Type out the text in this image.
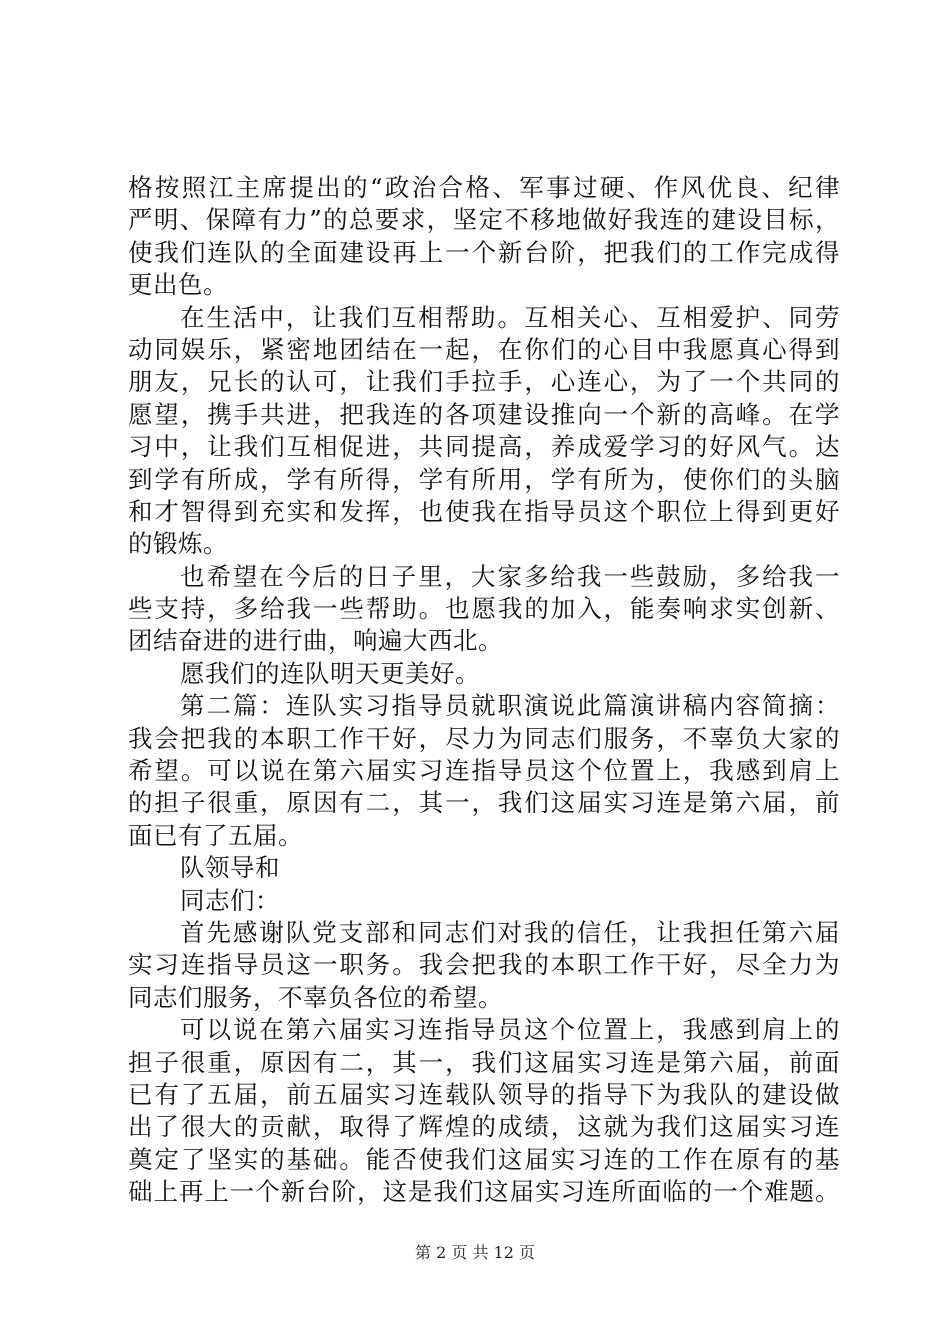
格按照江主席提出的“政治合格、军事过硬、作风优良、纪律
严明、保障有力”的总要求，坚定不移地做好我连的建设目标，
使我们连队的全面建设再上一个新台阶，把我们的工作完成得
更出色。
在生活中，让我们互相帮助。互相关心、互相爱护、同劳
动同娱乐，紧密地团结在一起，在你们的心目中我愿真心得到
朋友，兄长的认可，让我们手拉手，心连心，为了一个共同的
愿望，携手共进，把我连的各项建设推向一个新的高峰。在学
习中，让我们互相促进，共同提高，养成爱学习的好风气。达
到学有所成，学有所得，学有所用，学有所为，使你们的头脑
和才智得到充实和发挥，也使我在指导员这个职位上得到更好
的锻炼。
也希望在今后的日子里，大家多给我一些鼓励，多给我一
些支持，多给我一些帮助。也愿我的加入，能奏响求实创新、
团结奋进的进行曲，响遍大西北。
愿我们的连队明天更美好。
第二篇：连队实习指导员就职演说此篇演讲稿内容简摘：
我会把我的本职工作干好，尽力为同志们服务，不辜负大家的
希望。可以说在第六届实习连指导员这个位置上，我感到肩上
的担子很重，原因有二，其一，我们这届实习连是第六届，前
面已有了五届。
队领导和
同志们：
首先感谢队党支部和同志们对我的信任，让我担任第六届
实习连指导员这一职务。我会把我的本职工作干好，尽全力为
同志们服务，不辜负各位的希望。
可以说在第六届实习连指导员这个位置上，我感到肩上的
担子很重，原因有二，其一，我们这届实习连是第六届，前面
已有了五届，前五届实习连载队领导的指导下为我队的建设做
出了很大的贡献，取得了辉煌的成绩，这就为我们这届实习连
奠定了坚实的基础。能否使我们这届实习连的工作在原有的基
础上再上一个新台阶，这是我们这届实习连所面临的一个难题。
第 2 页 共 12 页
